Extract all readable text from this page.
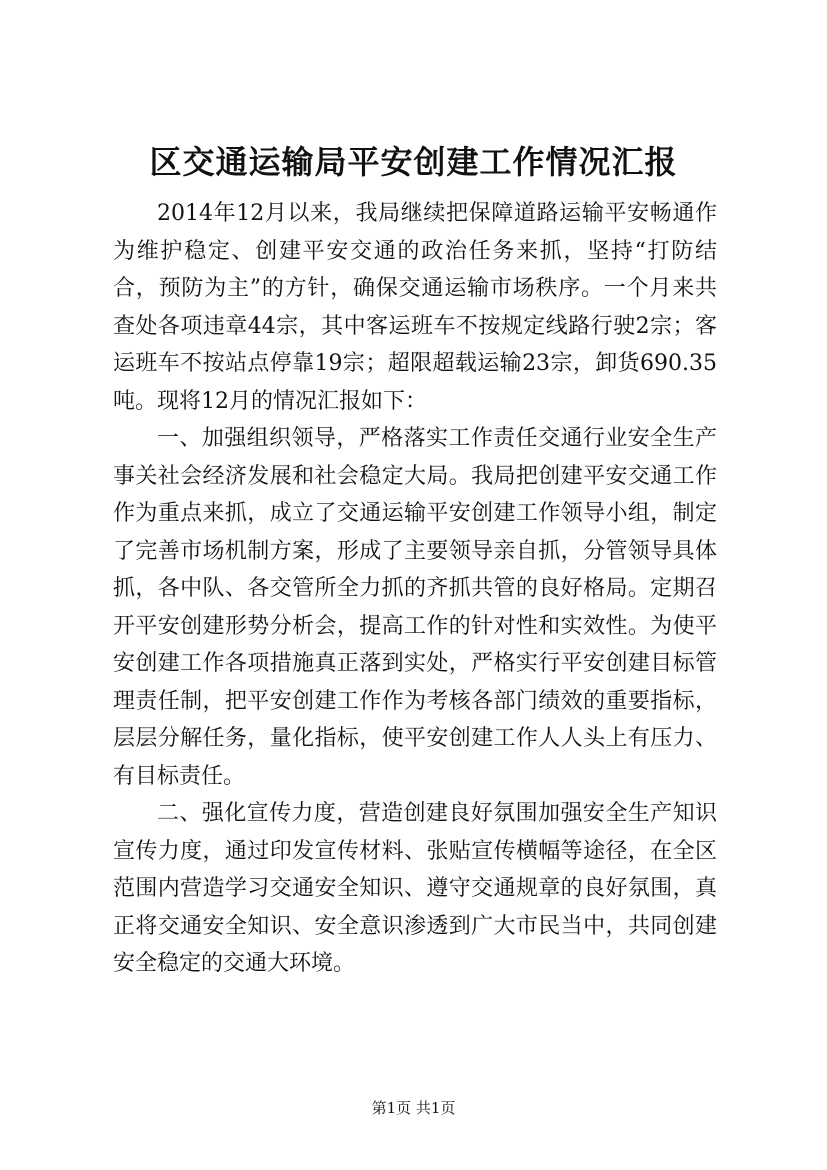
区交通运输局平安创建工作情况汇报

2014年12月以来，我局继续把保障道路运输平安畅通作为维护稳定、创建平安交通的政治任务来抓，坚持“打防结合，预防为主”的方针，确保交通运输市场秩序。一个月来共查处各项违章44宗，其中客运班车不按规定线路行驶2宗；客运班车不按站点停靠19宗；超限超载运输23宗，卸货690.35吨。现将12月的情况汇报如下：

一、加强组织领导，严格落实工作责任交通行业安全生产事关社会经济发展和社会稳定大局。我局把创建平安交通工作作为重点来抓，成立了交通运输平安创建工作领导小组，制定了完善市场机制方案，形成了主要领导亲自抓，分管领导具体抓，各中队、各交管所全力抓的齐抓共管的良好格局。定期召开平安创建形势分析会，提高工作的针对性和实效性。为使平安创建工作各项措施真正落到实处，严格实行平安创建目标管理责任制，把平安创建工作作为考核各部门绩效的重要指标，层层分解任务，量化指标，使平安创建工作人人头上有压力、有目标责任。

二、强化宣传力度，营造创建良好氛围加强安全生产知识宣传力度，通过印发宣传材料、张贴宣传横幅等途径，在全区范围内营造学习交通安全知识、遵守交通规章的良好氛围，真正将交通安全知识、安全意识渗透到广大市民当中，共同创建安全稳定的交通大环境。

第1页 共1页
